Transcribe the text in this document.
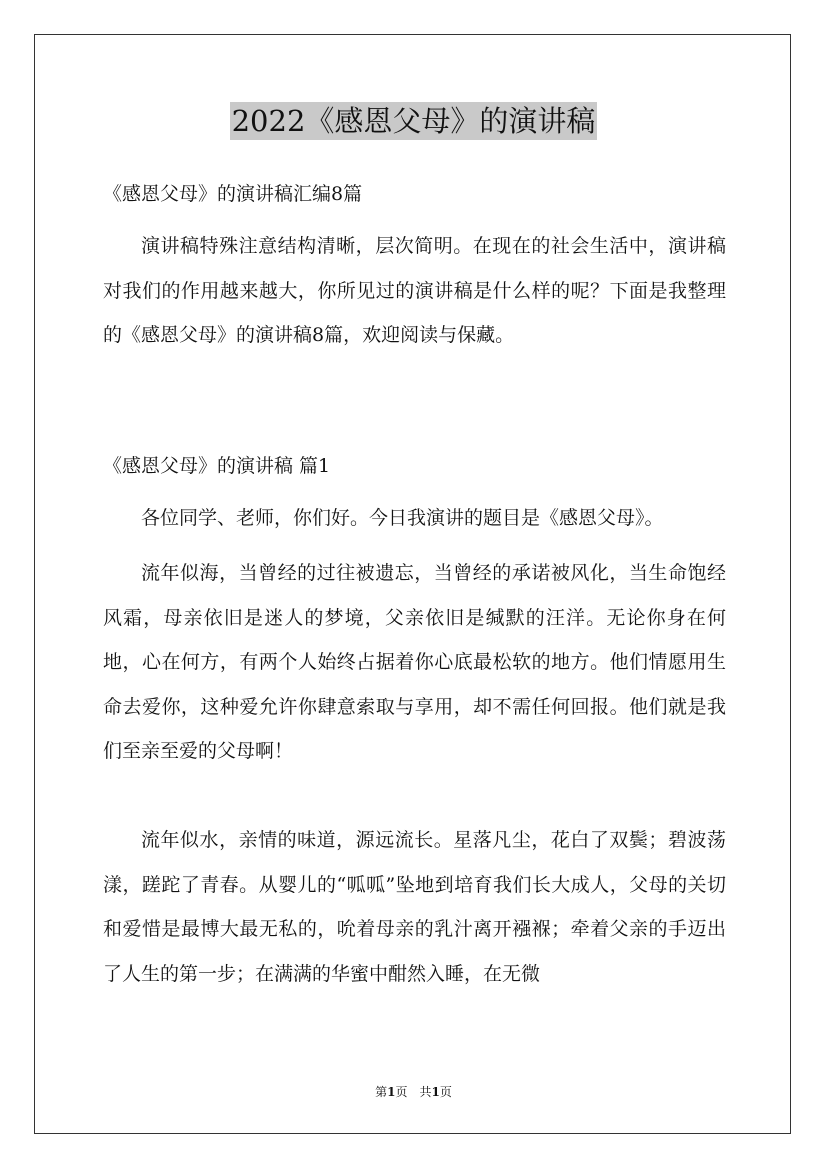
2022《感恩父母》的演讲稿
《感恩父母》的演讲稿汇编8篇

演讲稿特殊注意结构清晰，层次简明。在现在的社会生活中，演讲稿对我们的作用越来越大，你所见过的演讲稿是什么样的呢？下面是我整理的《感恩父母》的演讲稿8篇，欢迎阅读与保藏。

《感恩父母》的演讲稿 篇1

各位同学、老师，你们好。今日我演讲的题目是《感恩父母》。

流年似海，当曾经的过往被遗忘，当曾经的承诺被风化，当生命饱经风霜，母亲依旧是迷人的梦境，父亲依旧是缄默的汪洋。无论你身在何地，心在何方，有两个人始终占据着你心底最松软的地方。他们情愿用生命去爱你，这种爱允许你肆意索取与享用，却不需任何回报。他们就是我们至亲至爱的父母啊！

流年似水，亲情的味道，源远流长。星落凡尘，花白了双鬓；碧波荡漾，蹉跎了青春。从婴儿的“呱呱”坠地到培育我们长大成人，父母的关切和爱惜是最博大最无私的，吮着母亲的乳汁离开襁褓；牵着父亲的手迈出了人生的第一步；在满满的华蜜中酣然入睡，在无微

第1页　共1页
